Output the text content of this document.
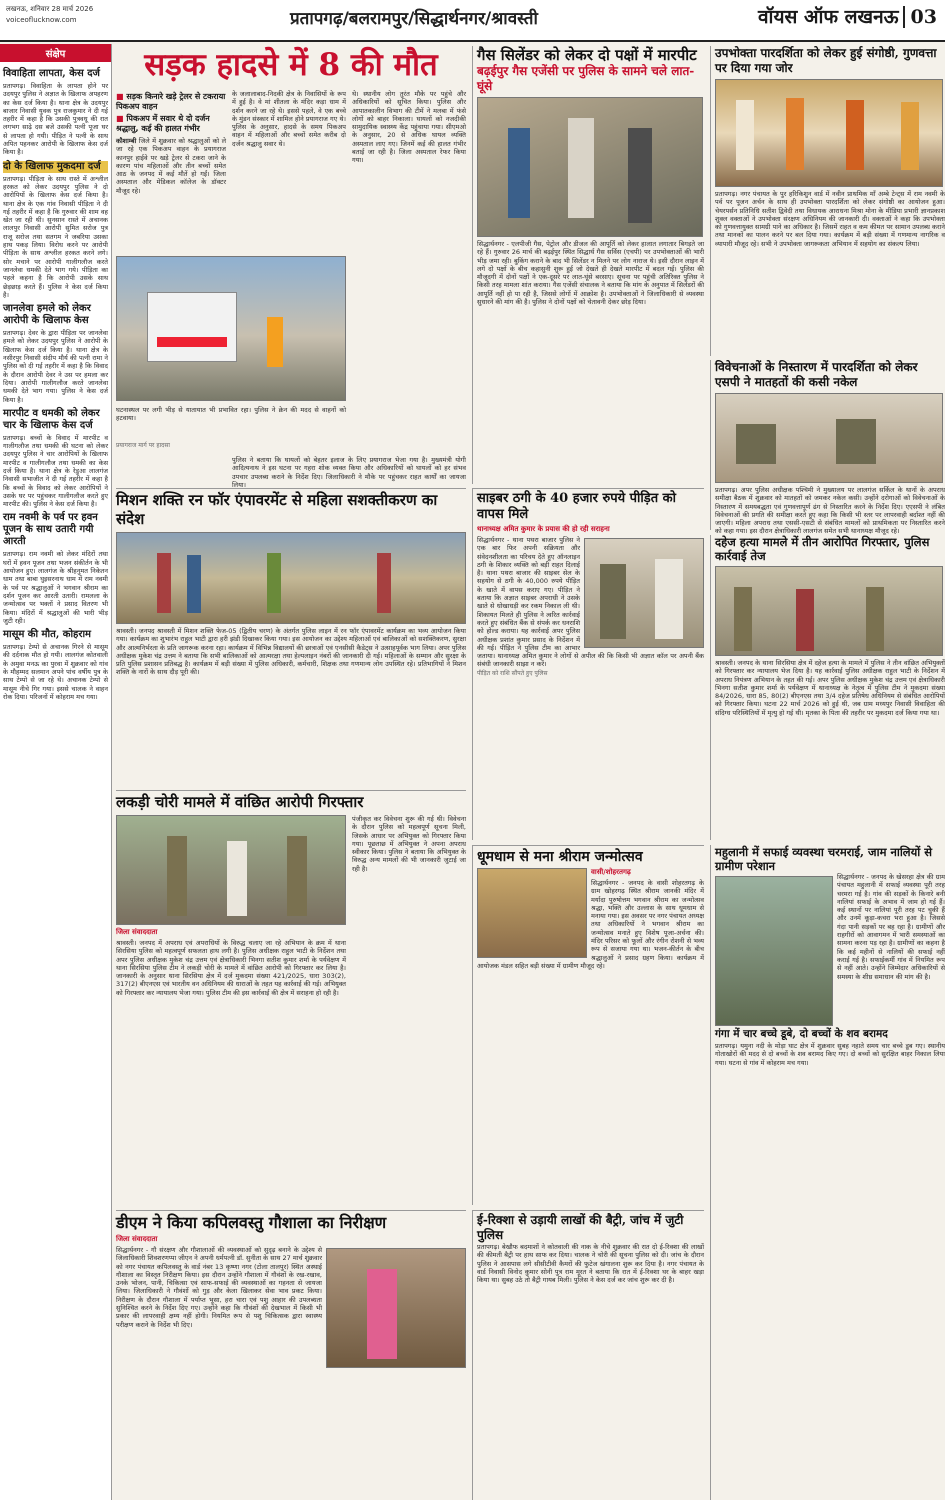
लखनऊ, शनिवार 28 मार्च 2026
voiceoflucknow.com	प्रतापगढ़/बलरामपुर/सिद्धार्थनगर/श्रावस्ती	वॉयस ऑफ लखनऊ 03
संक्षेप
विवाहिता लापता, केस दर्ज
प्रतापगढ़। विवाहिता के लापता होने पर उदयपुर पुलिस ने अज्ञात के खिलाफ अपहरण का केस दर्ज किया है। थाना क्षेत्र के उदयपुर बाजार निवासी युवक पुत्र राजकुमार ने दी गई तहरीर में कहा है कि उसकी पुत्रवधू की रात लगभग साढ़े दस बजे उसकी पत्नी पूजा घर से लापता हो गयी। पीड़ित ने पत्नी के साथ अपित पहनकर आरोपी के खिलाफ केस दर्ज किया है।
दो के खिलाफ मुकदमा दर्ज
प्रतापगढ़। पीड़िता के साथ रास्ते में अश्लील हरकत को लेकर उदयपुर पुलिस ने दो आरोपियों के खिलाफ केस दर्ज किया है। थाना क्षेत्र के एक गांव निवासी पीड़िता ने दी गई तहरीर में कहा है कि गुरुवार की शाम वह खेत जा रही थी। सुनसान रास्ते में अचानक लालपुर निवासी आरोपी सुमित सरोज पुत्र राजू सरोज तथा सतगम ने जबरिया उसका हाथ पकड़ लिया। विरोध करने पर आरोपी पीड़िता के साथ अश्लील हरकत करने लगे। सोर मचाने पर आरोपी गालीगलौज करते जानलेवा धमकी देते भाग गये। पीड़िता का पहले कहना है कि आरोपी उसके साथ छेड़छाड़ करते हैं। पुलिस ने केस दर्ज किया है।
जानलेवा हमले को लेकर आरोपी के खिलाफ केस
प्रतापगढ़। देवर के द्वारा पीड़िता पर जानलेवा हमले को लेकर उदयपुर पुलिस ने आरोपी के खिलाफ केस दर्ज किया है। थाना क्षेत्र के नसीरपुर निवासी संदीप मौर्य की पत्नी रामा ने पुलिस को दी गई तहरीर में कहा है कि विवाद के दौरान आरोपी देवर ने उस पर हमला कर दिया। आरोपी गालीगलौज करते जानलेवा धमकी देते भाग गया। पुलिस ने केस दर्ज किया है।
मारपीट व धमकी को लेकर चार के खिलाफ केस दर्ज
प्रतापगढ़। बच्चों के विवाद में मारपीट व गालीगलौज तथा धमकी की घटना को लेकर उदयपुर पुलिस ने चार आरोपियों के खिलाफ मारपीट व गालीगलौज तथा धमकी का केस दर्ज किया है। थाना क्षेत्र के रेडुआ लालगंज निवासी सभाजीत ने दी गई तहरीर में कहा है कि बच्चों के विवाद को लेकर आरोपियों ने उसके घर पर पहुंचकर गालीगलौज करते हुए मारपीट की। पुलिस ने केस दर्ज किया है।
राम नवमी के पर्व पर हवन पूजन के साथ उतारी गयी आरती
प्रतापगढ़। राम नवमी को लेकर मंदिरों तथा घरों में हवन पूजन तथा भजन संकीर्तन के भी आयोजन हुए। लालगंज के श्रीहनुमत निकेतन धाम तथा बाबा घुइसरनाथ धाम में राम नवमी के पर्व पर श्रद्धालुओं ने भगवान श्रीराम का दर्शन पूजन कर आरती उतारी। रामलला के जन्मोत्सव पर भक्तों ने प्रसाद वितरण भी किया। मंदिरों में श्रद्धालुओं की भारी भीड़ जुटी रही।
मासूम की मौत, कोहराम
प्रतापगढ़। टेम्पो से अचानक गिरने से मासूम की दर्दनाक मौत हो गयी। लालगंज कोतवाली के अमुवा मनऊ का पुरवा में शुक्रवार को गांव के मौहम्मद सलमान अपने पांच वर्षीय पुत्र के साथ टेम्पो से जा रहे थे। अचानक टेम्पो से मासूम नीचे गिर गया। इससे चालक ने वाहन रोक दिया। परिजनों में कोहराम मच गया।
सड़क हादसे में 8 की मौत
■ सड़क किनारे खड़े ट्रेलर से टकराया पिकअप वाहन
■ पिकअप में सवार थे दो दर्जन श्रद्धालु, कई की हालत गंभीर
कौशाम्बी जिले में शुक्रवार को श्रद्धालुओं को ले जा रहे एक पिकअप वाहन के प्रयागराज कानपुर हाईवे पर खड़े ट्रेलर से टकरा जाने के कारण पांच महिलाओं और तीन बच्चों समेत आठ के जनपद में कई मौतें हो गईं। जिला अस्पताल और मेडिकल कॉलेज के डॉक्टर मौजूद रहे।
के जलालाबाद-निदकी क्षेत्र के निवासियों के रूप में हुई है। वे मां शीतला के मंदिर कड़ा धाम में दर्शन करने जा रहे थे। इससे पहले, वे एक बच्चे के मुंडन संस्कार में शामिल होने प्रयागराज गए थे। पुलिस के अनुसार, हादसे के समय पिकअप वाहन में महिलाओं और बच्चों समेत करीब दो दर्जन श्रद्धालु सवार थे।
थे। स्थानीय लोग तुरंत मौके पर पहुंचे और अधिकारियों को सूचित किया। पुलिस और आपातकालीन विभाग की टीमें ने मलबा में फंसे लोगों को बाहर निकाला। घायलों को नजदीकी सामुदायिक स्वास्थ्य केंद्र पहुंचाया गया। सीएमओ के अनुसार, 20 से अधिक घायल व्यक्ति अस्पताल लाए गए। जिनमें कई की हालत गंभीर बताई जा रही है। जिला अस्पताल रेफर किया गया।
घटनास्थल पर लगी भीड़ से यातायात भी प्रभावित रहा। पुलिस ने क्रेन की मदद से वाहनों को हटवाया।
प्रयागराज मार्ग पर हादसा
पुलिस ने बताया कि घायलों को बेहतर इलाज के लिए प्रयागराज भेजा गया है। मुख्यमंत्री योगी आदित्यनाथ ने इस घटना पर गहरा शोक व्यक्त किया और अधिकारियों को घायलों को हर संभव उपचार उपलब्ध कराने के निर्देश दिए। जिलाधिकारी ने मौके पर पहुंचकर राहत कार्यों का जायजा लिया।
गैस सिलेंडर को लेकर दो पक्षों में मारपीट
बढ़ईपुर गैस एजेंसी पर पुलिस के सामने चले लात-घूंसे
सिद्धार्थनगर - एलपीजी गैस, पेट्रोल और डीजल की आपूर्ति को लेकर हालात लगातार बिगड़ते जा रहे हैं। गुरुवार 26 मार्च की बढ़ईपुर स्थित सिद्धार्थ गैस सर्विस (एचपी) पर उपभोक्ताओं की भारी भीड़ जमा रही। बुकिंग कराने के बाद भी सिलेंडर न मिलने पर लोग नाराज थे। इसी दौरान लाइन में लगे दो पक्षों के बीच कहासुनी शुरू हुई जो देखते ही देखते मारपीट में बदल गई। पुलिस की मौजूदगी में दोनों पक्षों ने एक-दूसरे पर लात-घूंसे बरसाए। सूचना पर पहुंची अतिरिक्त पुलिस ने किसी तरह मामला शांत कराया। गैस एजेंसी संचालक ने बताया कि मांग के अनुपात में सिलेंडरों की आपूर्ति नहीं हो पा रही है, जिससे लोगों में आक्रोश है। उपभोक्ताओं ने जिलाधिकारी से व्यवस्था सुधारने की मांग की है। पुलिस ने दोनों पक्षों को चेतावनी देकर छोड़ दिया।
उपभोक्ता पारदर्शिता को लेकर हुई संगोष्ठी, गुणवत्ता पर दिया गया जोर
प्रतापगढ़। नगर पंचायत के पुर हरिकिशुन वार्ड में नवीन प्राथमिक माँ अम्बे टेन्ट्स में राम नवमी के पर्व पर पूजन अर्चन के साथ ही उपभोक्ता पारदर्शिता को लेकर संगोष्ठी का आयोजन हुआ। चेयरपर्सन प्रतिनिधि सतीश द्विवेदी तथा विधायक आराधना मिश्रा मोना के मीडिया प्रभारी ज्ञानप्रकाश शुक्ल वक्ताओं ने उपभोक्ता संरक्षण अधिनियम की जानकारी दी। वक्ताओं ने कहा कि उपभोक्ता को गुणवत्तायुक्त सामग्री पाने का अधिकार है। जिसमें राहत व कम कीमत पर सामान उपलब्ध कराने तथा मानकों का पालन करने पर बल दिया गया। कार्यक्रम में बड़ी संख्या में गणमान्य नागरिक व व्यापारी मौजूद रहे। सभी ने उपभोक्ता जागरूकता अभियान में सहयोग का संकल्प लिया।
विवेचनाओं के निस्तारण में पारदर्शिता को लेकर एसपी ने मातहतों की कसी नकेल
प्रतापगढ़। अपर पुलिस अधीक्षक पश्चिमी ने मुख्यालय पर लालगंज सर्किल के थानों के अपराध समीक्षा बैठक में शुक्रवार को मातहतों को जमकर नकेल कसी। उन्होंने दरोगाओं को विवेचनाओं के निस्तारण में समयबद्धता एवं गुणवत्तापूर्ण ढंग से निस्तारित करने के निर्देश दिए। एएसपी ने लंबित विवेचनाओं की प्रगति की समीक्षा करते हुए कहा कि किसी भी स्तर पर लापरवाही बर्दाश्त नहीं की जाएगी। महिला अपराध तथा एससी-एसटी से संबंधित मामलों को प्राथमिकता पर निस्तारित करने को कहा गया। इस दौरान क्षेत्राधिकारी लालगंज समेत सभी थानाध्यक्ष मौजूद रहे।
दहेज हत्या मामले में तीन आरोपित गिरफ्तार, पुलिस कार्रवाई तेज
श्रावस्ती। जनपद के थाना सिरसिया क्षेत्र में दहेज हत्या के मामले में पुलिस ने तीन वांछित अभियुक्तों को गिरफ्तार कर न्यायालय भेज दिया है। यह कार्रवाई पुलिस अधीक्षक राहुल भाटी के निर्देशन में अपराध नियंत्रण अभियान के तहत की गई। अपर पुलिस अधीक्षक मुकेश चंद्र उत्तम एवं क्षेत्राधिकारी भिनगा सतीश कुमार शर्मा के पर्यवेक्षण में थानाध्यक्ष के नेतृत्व में पुलिस टीम ने मुकदमा संख्या 84/2026, धारा 85, 80(2) बीएनएस तथा 3/4 दहेज प्रतिषेध अधिनियम से संबंधित आरोपियों को गिरफ्तार किया। घटना 22 मार्च 2026 को हुई थी, जब ग्राम मध्यपुर निवासी विवाहिता की संदिग्ध परिस्थितियों में मृत्यु हो गई थी। मृतका के पिता की तहरीर पर मुकदमा दर्ज किया गया था।
महुलानी में सफाई व्यवस्था चरमराई, जाम नालियों से ग्रामीण परेशान
सिद्धार्थनगर - जनपद के खेसरहा क्षेत्र की ग्राम पंचायत महुलानी में सफाई व्यवस्था पूरी तरह चरमरा गई है। गांव की सड़कों के किनारे बनी नालियां सफाई के अभाव में जाम हो गई हैं। कई स्थानों पर नालियां पूरी तरह पट चुकी हैं और उनमें कूड़ा-कचरा भरा हुआ है। जिससे गंदा पानी सड़कों पर बह रहा है। ग्रामीणों और राहगीरों को आवागमन में भारी समस्याओं का सामना करना पड़ रहा है। ग्रामीणों का कहना है कि कई महीनों से नालियों की सफाई नहीं कराई गई है। सफाईकर्मी गांव में नियमित रूप से नहीं आते। उन्होंने जिम्मेदार अधिकारियों से समस्या के शीघ्र समाधान की मांग की है।
गंगा में चार बच्चे डूबे, दो बच्चों के शव बरामद
प्रतापगढ़। यमुना नदी के मोड़ा घाट क्षेत्र में शुक्रवार सुबह नहाते समय चार बच्चे डूब गए। स्थानीय गोताखोरों की मदद से दो बच्चों के शव बरामद किए गए। दो बच्चों को सुरक्षित बाहर निकाल लिया गया। घटना से गांव में कोहराम मच गया।
मिशन शक्ति रन फॉर एंपावरमेंट से महिला सशक्तीकरण का संदेश
श्रावस्ती। जनपद श्रावस्ती में मिशन शक्ति फेज-05 (द्वितीय चरण) के अंतर्गत पुलिस लाइन में रन फॉर एंपावरमेंट कार्यक्रम का भव्य आयोजन किया गया। कार्यक्रम का शुभारंभ राहुल भाटी द्वारा हरी झंडी दिखाकर किया गया। इस आयोजन का उद्देश्य महिलाओं एवं बालिकाओं को सशक्तिकरण, सुरक्षा और आत्मनिर्भरता के प्रति जागरूक करना रहा। कार्यक्रम में विभिन्न विद्यालयों की छात्राओं एवं एनसीसी कैडेट्स ने उत्साहपूर्वक भाग लिया। अपर पुलिस अधीक्षक मुकेश चंद्र उत्तम ने बताया कि सभी बालिकाओं को आत्मरक्षा तथा हेल्पलाइन नंबरों की जानकारी दी गई। महिलाओं के सम्मान और सुरक्षा के प्रति पुलिस प्रशासन प्रतिबद्ध है। कार्यक्रम में बड़ी संख्या में पुलिस अधिकारी, कर्मचारी, शिक्षक तथा गणमान्य लोग उपस्थित रहे। प्रतिभागियों ने मिशन शक्ति के नारों के साथ दौड़ पूरी की।
साइबर ठगी के 40 हजार रुपये पीड़ित को वापस मिले
थानाध्यक्ष अमित कुमार के प्रयास की हो रही सराहना
सिद्धार्थनगर - थाना पथरा बाजार पुलिस ने एक बार फिर अपनी सक्रियता और संवेदनशीलता का परिचय देते हुए ऑनलाइन ठगी के शिकार व्यक्ति को बड़ी राहत दिलाई है। थाना पथरा बाजार की साइबर सेल के सहयोग से ठगी के 40,000 रुपये पीड़ित के खाते में वापस कराए गए। पीड़ित ने बताया कि अज्ञात साइबर अपराधी ने उसके खाते से धोखाधड़ी कर रकम निकाल ली थी। शिकायत मिलते ही पुलिस ने त्वरित कार्रवाई करते हुए संबंधित बैंक से संपर्क कर धनराशि को होल्ड कराया। यह कार्रवाई अपर पुलिस अधीक्षक प्रशांत कुमार प्रसाद के निर्देशन में की गई। पीड़ित ने पुलिस टीम का आभार जताया। थानाध्यक्ष अमित कुमार ने लोगों से अपील की कि किसी भी अज्ञात कॉल पर अपनी बैंक संबंधी जानकारी साझा न करें।
पीड़ित को राशि सौंपते हुए पुलिस
लकड़ी चोरी मामले में वांछित आरोपी गिरफ्तार
जिला संवाददाता
श्रावस्ती। जनपद में अपराध एवं अपराधियों के विरुद्ध चलाए जा रहे अभियान के क्रम में थाना सिरसिया पुलिस को महत्वपूर्ण सफलता हाथ लगी है। पुलिस अधीक्षक राहुल भाटी के निर्देशन तथा अपर पुलिस अधीक्षक मुकेश चंद्र उत्तम एवं क्षेत्राधिकारी भिनगा सतीश कुमार शर्मा के पर्यवेक्षण में थाना सिरसिया पुलिस टीम ने लकड़ी चोरी के मामले में वांछित आरोपी को गिरफ्तार कर लिया है। जानकारी के अनुसार थाना सिरसिया क्षेत्र में दर्ज मुकदमा संख्या 421/2025, धारा 303(2), 317(2) बीएनएस एवं भारतीय वन अधिनियम की धाराओं के तहत यह कार्रवाई की गई। अभियुक्त को गिरफ्तार कर न्यायालय भेजा गया। पुलिस टीम की इस कार्रवाई की क्षेत्र में सराहना हो रही है।
पंजीकृत कर विवेचना शुरू की गई थी। विवेचना के दौरान पुलिस को महत्वपूर्ण सूचना मिली, जिसके आधार पर अभियुक्त को गिरफ्तार किया गया। पूछताछ में अभियुक्त ने अपना अपराध स्वीकार किया। पुलिस ने बताया कि अभियुक्त के विरुद्ध अन्य मामलों की भी जानकारी जुटाई जा रही है।
धूमधाम से मना श्रीराम जन्मोत्सव
वासी/शोहरतगढ़
सिद्धार्थनगर - जनपद के वासी शोहरतगढ़ के ग्राम खोहरगढ़ स्थित श्रीराम जानकी मंदिर में मर्यादा पुरुषोत्तम भगवान श्रीराम का जन्मोत्सव श्रद्धा, भक्ति और उल्लास के साथ धूमधाम से मनाया गया। इस अवसर पर नगर पंचायत अध्यक्ष तथा अधिकारियों ने भगवान श्रीराम का जन्मोत्सव मनाते हुए विशेष पूजा-अर्चना की। मंदिर परिसर को फूलों और रंगीन रोशनी से भव्य रूप से सजाया गया था। भजन-कीर्तन के बीच श्रद्धालुओं ने प्रसाद ग्रहण किया। कार्यक्रम में आयोजक मंडल सहित बड़ी संख्या में ग्रामीण मौजूद रहे।
डीएम ने किया कपिलवस्तु गौशाला का निरीक्षण
जिला संवाददाता
सिद्धार्थनगर - गौ संरक्षण और गौशालाओं की व्यवस्थाओं को सुदृढ़ बनाने के उद्देश्य से जिलाधिकारी शिवशरणप्पा जीएन ने अपनी धर्मपत्नी डॉ. सुनीता के साथ 27 मार्च शुक्रवार को नगर पंचायत कपिलवस्तु के वार्ड नंबर 13 कृष्णा नगर (टोला तालपुर) स्थित अस्थाई गौशाला का विस्तृत निरीक्षण किया। इस दौरान उन्होंने गौशाला में गौवंशों के रख-रखाव, उनके भोजन, पानी, चिकित्सा एवं साफ-सफाई की व्यवस्थाओं का गहनता से जायजा लिया। जिलाधिकारी ने गौवंशों को गुड़ और केला खिलाकर सेवा भाव प्रकट किया। निरीक्षण के दौरान गौशाला में पर्याप्त भूसा, हरा चारा एवं पशु आहार की उपलब्धता सुनिश्चित करने के निर्देश दिए गए। उन्होंने कहा कि गौवंशों की देखभाल में किसी भी प्रकार की लापरवाही क्षम्य नहीं होगी। नियमित रूप से पशु चिकित्सक द्वारा स्वास्थ्य परीक्षण कराने के निर्देश भी दिए।
ई-रिक्शा से उड़ायी लाखों की बैट्री, जांच में जुटी पुलिस
प्रतापगढ़। बेखौफ बदमाशों ने कोतवाली की नाक के नीचे शुक्रवार की रात दो ई-रिक्शा की लाखों की कीमती बैट्री पर हाथ साफ कर दिया। चालक ने चोरी की सूचना पुलिस को दी। जांच के दौरान पुलिस ने आसपास लगे सीसीटीवी कैमरों की फुटेज खंगालना शुरू कर दिया है। नगर पंचायत के वार्ड निवासी विनोद कुमार सोनी पुत्र राम मूरत ने बताया कि रात में ई-रिक्शा घर के बाहर खड़ा किया था। सुबह उठे तो बैट्री गायब मिली। पुलिस ने केस दर्ज कर जांच शुरू कर दी है।
